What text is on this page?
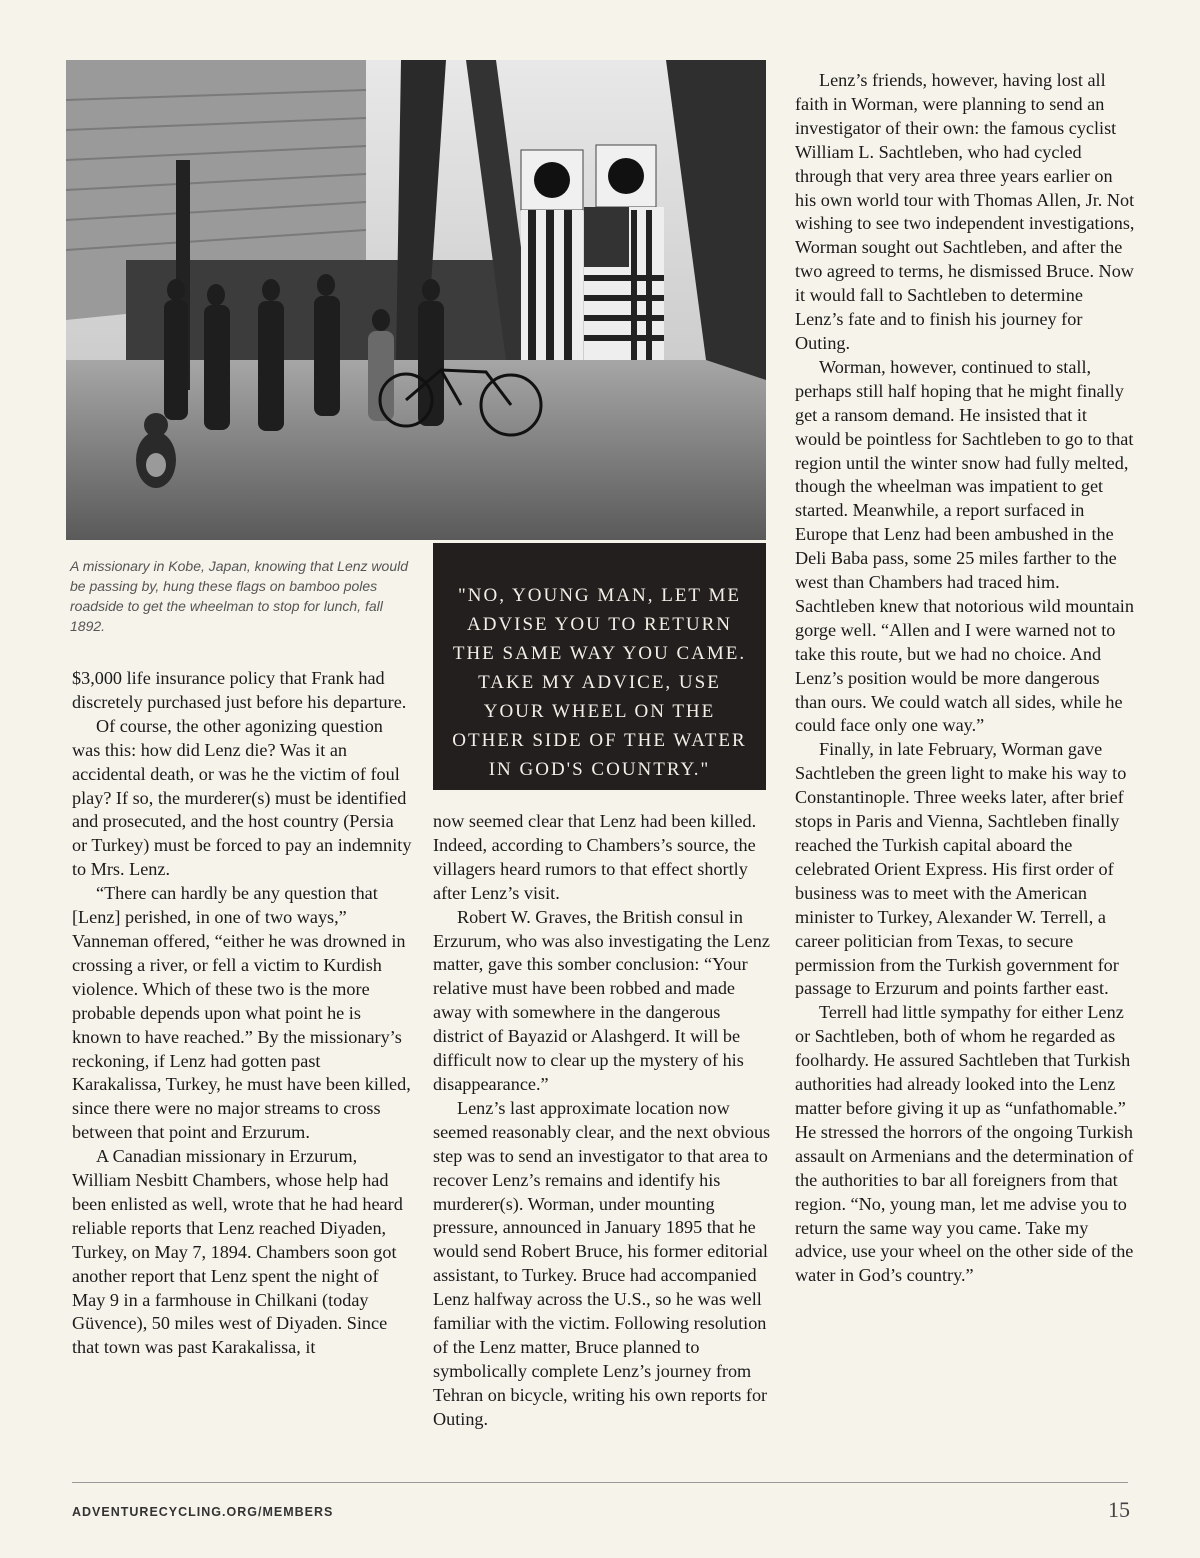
A missionary in Kobe, Japan, knowing that Lenz would be passing by, hung these flags on bamboo poles roadside to get the wheelman to stop for lunch, fall 1892.

"NO, YOUNG MAN, LET ME ADVISE YOU TO RETURN THE SAME WAY YOU CAME. TAKE MY ADVICE, USE YOUR WHEEL ON THE OTHER SIDE OF THE WATER IN GOD'S COUNTRY."

$3,000 life insurance policy that Frank had discretely purchased just before his departure.

Of course, the other agonizing question was this: how did Lenz die? Was it an accidental death, or was he the victim of foul play? If so, the murderer(s) must be identified and prosecuted, and the host country (Persia or Turkey) must be forced to pay an indemnity to Mrs. Lenz.

“There can hardly be any question that [Lenz] perished, in one of two ways,” Vanneman offered, “either he was drowned in crossing a river, or fell a victim to Kurdish violence. Which of these two is the more probable depends upon what point he is known to have reached.” By the missionary’s reckoning, if Lenz had gotten past Karakalissa, Turkey, he must have been killed, since there were no major streams to cross between that point and Erzurum.

A Canadian missionary in Erzurum, William Nesbitt Chambers, whose help had been enlisted as well, wrote that he had heard reliable reports that Lenz reached Diyaden, Turkey, on May 7, 1894. Chambers soon got another report that Lenz spent the night of May 9 in a farmhouse in Chilkani (today Güvence), 50 miles west of Diyaden. Since that town was past Karakalissa, it

now seemed clear that Lenz had been killed. Indeed, according to Chambers’s source, the villagers heard rumors to that effect shortly after Lenz’s visit.

Robert W. Graves, the British consul in Erzurum, who was also investigating the Lenz matter, gave this somber conclusion: “Your relative must have been robbed and made away with somewhere in the dangerous district of Bayazid or Alashgerd. It will be difficult now to clear up the mystery of his disappearance.”

Lenz’s last approximate location now seemed reasonably clear, and the next obvious step was to send an investigator to that area to recover Lenz’s remains and identify his murderer(s). Worman, under mounting pressure, announced in January 1895 that he would send Robert Bruce, his former editorial assistant, to Turkey. Bruce had accompanied Lenz halfway across the U.S., so he was well familiar with the victim. Following resolution of the Lenz matter, Bruce planned to symbolically complete Lenz’s journey from Tehran on bicycle, writing his own reports for Outing.

Lenz’s friends, however, having lost all faith in Worman, were planning to send an investigator of their own: the famous cyclist William L. Sachtleben, who had cycled through that very area three years earlier on his own world tour with Thomas Allen, Jr. Not wishing to see two independent investigations, Worman sought out Sachtleben, and after the two agreed to terms, he dismissed Bruce. Now it would fall to Sachtleben to determine Lenz’s fate and to finish his journey for Outing.

Worman, however, continued to stall, perhaps still half hoping that he might finally get a ransom demand. He insisted that it would be pointless for Sachtleben to go to that region until the winter snow had fully melted, though the wheelman was impatient to get started. Meanwhile, a report surfaced in Europe that Lenz had been ambushed in the Deli Baba pass, some 25 miles farther to the west than Chambers had traced him. Sachtleben knew that notorious wild mountain gorge well. “Allen and I were warned not to take this route, but we had no choice. And Lenz’s position would be more dangerous than ours. We could watch all sides, while he could face only one way.”

Finally, in late February, Worman gave Sachtleben the green light to make his way to Constantinople. Three weeks later, after brief stops in Paris and Vienna, Sachtleben finally reached the Turkish capital aboard the celebrated Orient Express. His first order of business was to meet with the American minister to Turkey, Alexander W. Terrell, a career politician from Texas, to secure permission from the Turkish government for passage to Erzurum and points farther east.

Terrell had little sympathy for either Lenz or Sachtleben, both of whom he regarded as foolhardy. He assured Sachtleben that Turkish authorities had already looked into the Lenz matter before giving it up as “unfathomable.” He stressed the horrors of the ongoing Turkish assault on Armenians and the determination of the authorities to bar all foreigners from that region. “No, young man, let me advise you to return the same way you came. Take my advice, use your wheel on the other side of the water in God’s country.”

ADVENTURECYCLING.ORG/MEMBERS	15
